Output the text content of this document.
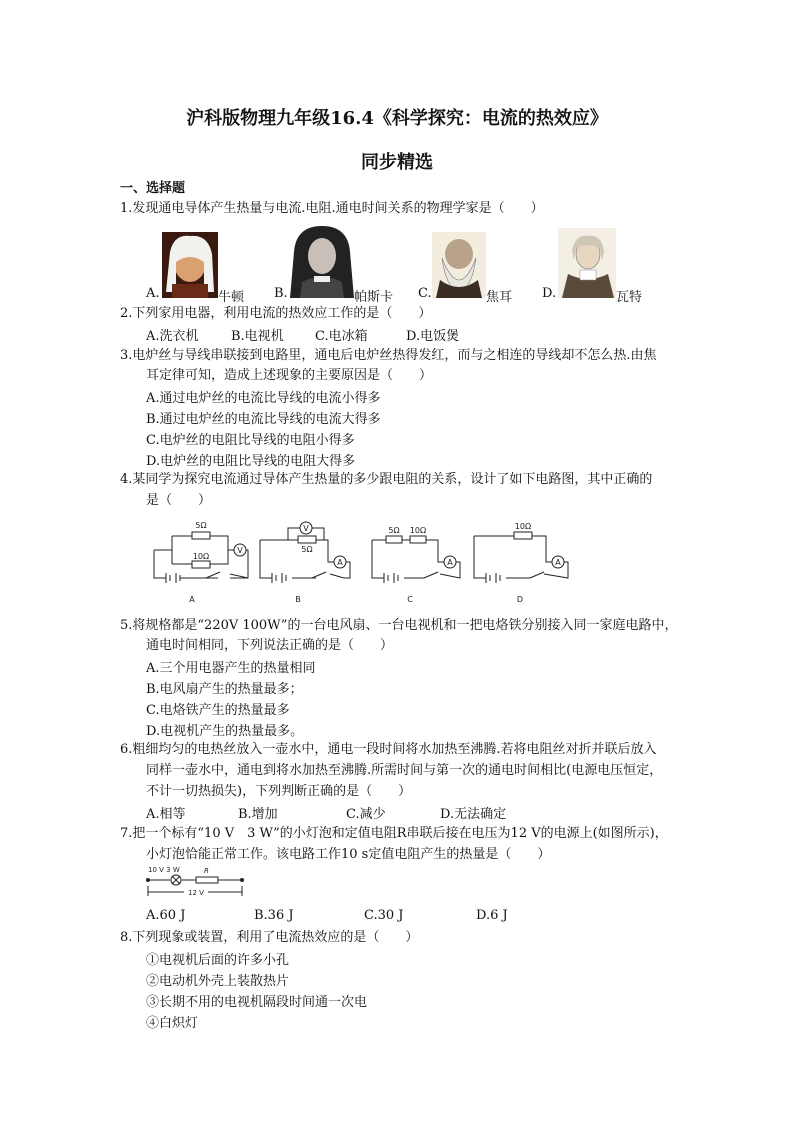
沪科版物理九年级16.4《科学探究：电流的热效应》
同步精选
一、选择题
1.发现通电导体产生热量与电流.电阻.通电时间关系的物理学家是（　　）
A.	牛顿 B.	帕斯卡 C.	焦耳 D.	瓦特
2.下列家用电器，利用电流的热效应工作的是（　　）
A.洗衣机 B.电视机 C.电冰箱	D.电饭煲
3.电炉丝与导线串联接到电路里，通电后电炉丝热得发红，而与之相连的导线却不怎么热.由焦
耳定律可知，造成上述现象的主要原因是（　　）
A.通过电炉丝的电流比导线的电流小得多
B.通过电炉丝的电流比导线的电流大得多
C.电炉丝的电阻比导线的电阻小得多
D.电炉丝的电阻比导线的电阻大得多
4.某同学为探究电流通过导体产生热量的多少跟电阻的关系，设计了如下电路图，其中正确的
是（　　）
5Ω
10Ω
V
V
5Ω
A
5Ω 10Ω
A
10Ω
A
A	B	C	D
5.将规格都是“220V 100W”的一台电风扇、一台电视机和一把电烙铁分别接入同一家庭电路中，
通电时间相同，下列说法正确的是（　　）
A.三个用电器产生的热量相同
B.电风扇产生的热量最多；
C.电烙铁产生的热量最多
D.电视机产生的热量最多。
6.粗细均匀的电热丝放入一壶水中，通电一段时间将水加热至沸腾.若将电阻丝对折并联后放入
同样一壶水中，通电到将水加热至沸腾.所需时间与第一次的通电时间相比(电源电压恒定，
不计一切热损失)，下列判断正确的是（　　）
A.相等	B.增加	C.减少	D.无法确定
7.把一个标有“10 V　3 W”的小灯泡和定值电阻R串联后接在电压为12 V的电源上(如图所示)，
小灯泡恰能正常工作。该电路工作10 s定值电阻产生的热量是（　　）
10 V 3 W	R
12 V
A.60 J	B.36 J	C.30 J	D.6 J
8.下列现象或装置，利用了电流热效应的是（　　）
①电视机后面的许多小孔
②电动机外壳上装散热片
③长期不用的电视机隔段时间通一次电
④白炽灯
